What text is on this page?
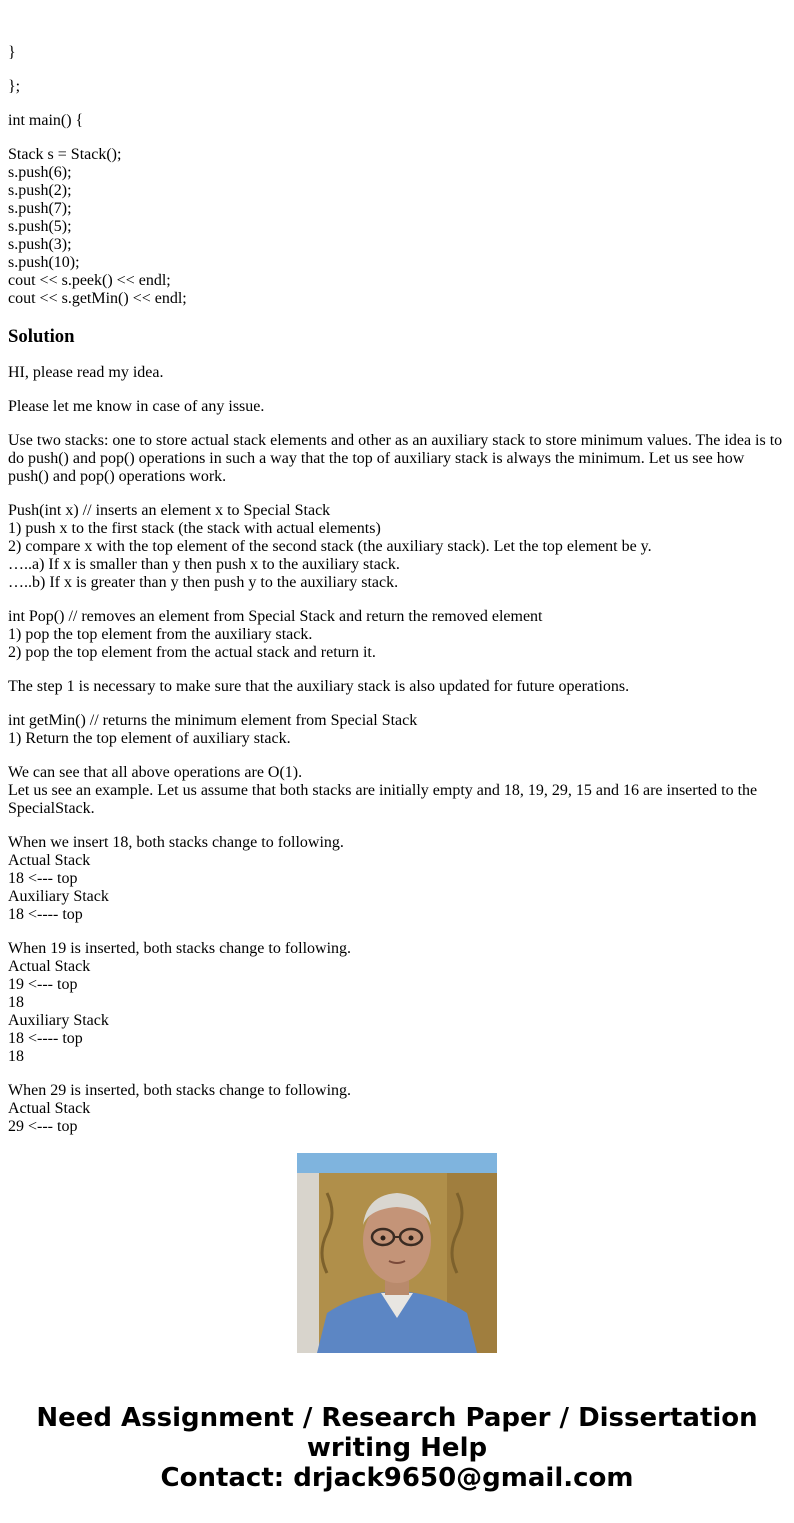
}

};

int main() {

Stack s = Stack();
s.push(6);
s.push(2);
s.push(7);
s.push(5);
s.push(3);
s.push(10);
cout << s.peek() << endl;
cout << s.getMin() << endl;

Solution

HI, please read my idea.

Please let me know in case of any issue.

Use two stacks: one to store actual stack elements and other as an auxiliary stack to store minimum values. The idea is to do push() and pop() operations in such a way that the top of auxiliary stack is always the minimum. Let us see how push() and pop() operations work.

Push(int x) // inserts an element x to Special Stack
1) push x to the first stack (the stack with actual elements)
2) compare x with the top element of the second stack (the auxiliary stack). Let the top element be y.
…..a) If x is smaller than y then push x to the auxiliary stack.
…..b) If x is greater than y then push y to the auxiliary stack.

int Pop() // removes an element from Special Stack and return the removed element
1) pop the top element from the auxiliary stack.
2) pop the top element from the actual stack and return it.

The step 1 is necessary to make sure that the auxiliary stack is also updated for future operations.

int getMin() // returns the minimum element from Special Stack
1) Return the top element of auxiliary stack.

We can see that all above operations are O(1).
Let us see an example. Let us assume that both stacks are initially empty and 18, 19, 29, 15 and 16 are inserted to the SpecialStack.

When we insert 18, both stacks change to following.
Actual Stack
18 <--- top
Auxiliary Stack
18 <---- top

When 19 is inserted, both stacks change to following.
Actual Stack
19 <--- top
18
Auxiliary Stack
18 <---- top
18

When 29 is inserted, both stacks change to following.
Actual Stack
29 <--- top

Need Assignment / Research Paper / Dissertation
writing Help
Contact: drjack9650@gmail.com
